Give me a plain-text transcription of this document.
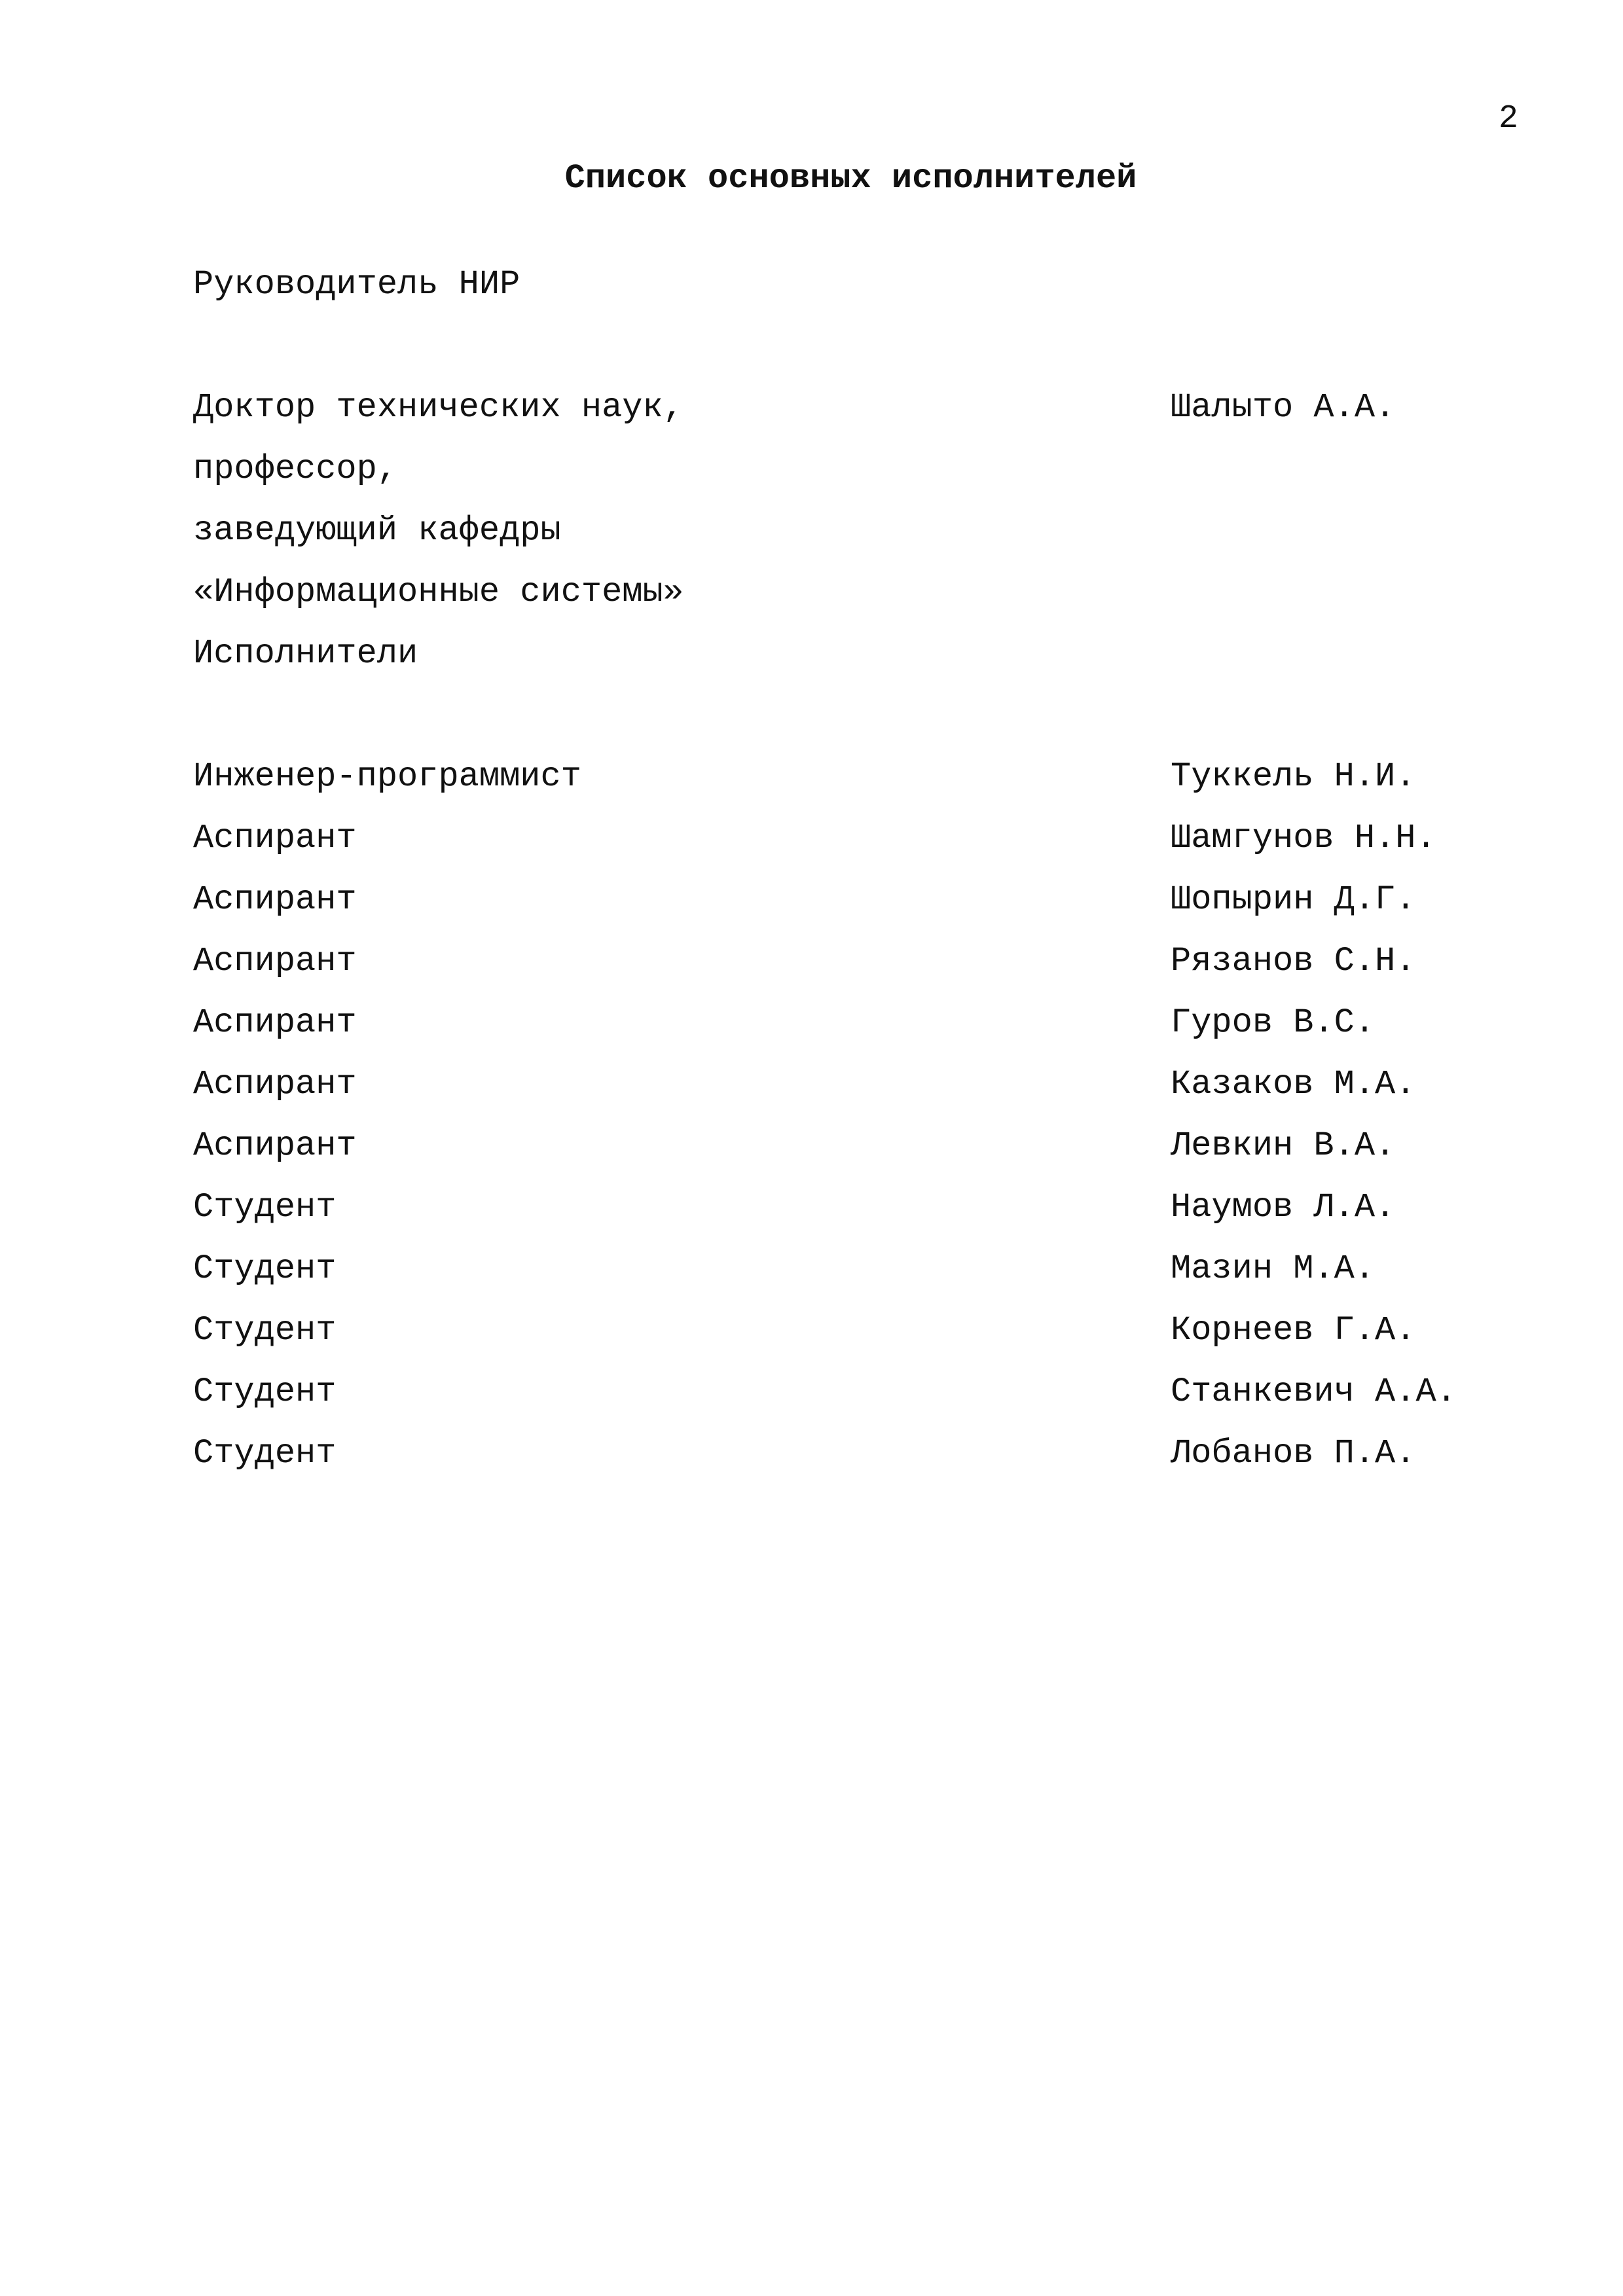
2
Список основных исполнителей
Руководитель НИР
Доктор технических наук,	Шалыто А.А.
профессор,
заведующий кафедры
«Информационные системы»
Исполнители
Инженер-программист	Туккель Н.И.
Аспирант	Шамгунов Н.Н.
Аспирант	Шопырин Д.Г.
Аспирант	Рязанов С.Н.
Аспирант	Гуров В.С.
Аспирант	Казаков М.А.
Аспирант	Левкин В.А.
Студент	Наумов Л.А.
Студент	Мазин М.А.
Студент	Корнеев Г.А.
Студент	Станкевич А.А.
Студент	Лобанов П.А.
